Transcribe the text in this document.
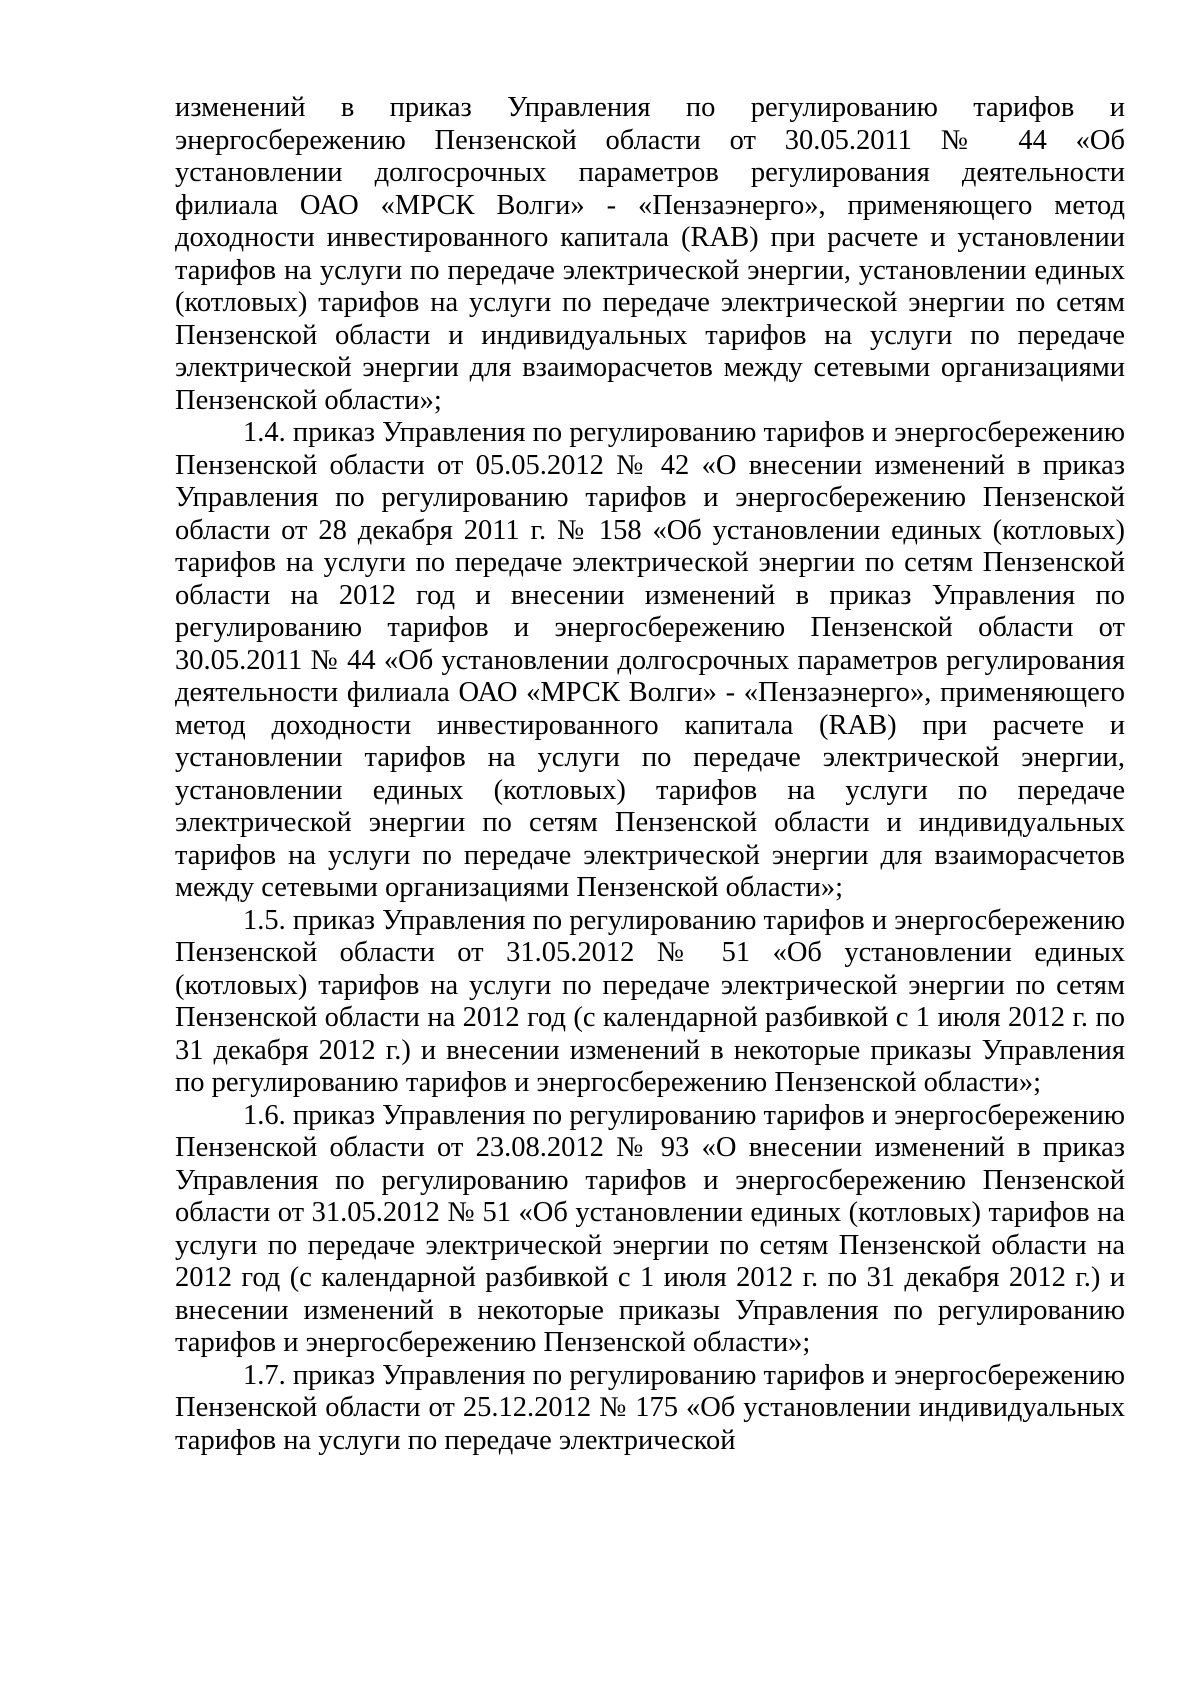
изменений в приказ Управления по регулированию тарифов и энергосбережению Пензенской области от 30.05.2011 № 44 «Об установлении долгосрочных параметров регулирования деятельности филиала ОАО «МРСК Волги» - «Пензаэнерго», применяющего метод доходности инвестированного капитала (RAB) при расчете и установлении тарифов на услуги по передаче электрической энергии, установлении единых (котловых) тарифов на услуги по передаче электрической энергии по сетям Пензенской области и индивидуальных тарифов на услуги по передаче электрической энергии для взаиморасчетов между сетевыми организациями Пензенской области»;

1.4. приказ Управления по регулированию тарифов и энергосбережению Пензенской области от 05.05.2012 № 42 «О внесении изменений в приказ Управления по регулированию тарифов и энергосбережению Пензенской области от 28 декабря 2011 г. № 158 «Об установлении единых (котловых) тарифов на услуги по передаче электрической энергии по сетям Пензенской области на 2012 год и внесении изменений в приказ Управления по регулированию тарифов и энергосбережению Пензенской области от 30.05.2011 № 44 «Об установлении долгосрочных параметров регулирования деятельности филиала ОАО «МРСК Волги» - «Пензаэнерго», применяющего метод доходности инвестированного капитала (RAB) при расчете и установлении тарифов на услуги по передаче электрической энергии, установлении единых (котловых) тарифов на услуги по передаче электрической энергии по сетям Пензенской области и индивидуальных тарифов на услуги по передаче электрической энергии для взаиморасчетов между сетевыми организациями Пензенской области»;

1.5. приказ Управления по регулированию тарифов и энергосбережению Пензенской области от 31.05.2012 № 51 «Об установлении единых (котловых) тарифов на услуги по передаче электрической энергии по сетям Пензенской области на 2012 год (с календарной разбивкой с 1 июля 2012 г. по 31 декабря 2012 г.) и внесении изменений в некоторые приказы Управления по регулированию тарифов и энергосбережению Пензенской области»;

1.6. приказ Управления по регулированию тарифов и энергосбережению Пензенской области от 23.08.2012 № 93 «О внесении изменений в приказ Управления по регулированию тарифов и энергосбережению Пензенской области от 31.05.2012 № 51 «Об установлении единых (котловых) тарифов на услуги по передаче электрической энергии по сетям Пензенской области на 2012 год (с календарной разбивкой с 1 июля 2012 г. по 31 декабря 2012 г.) и внесении изменений в некоторые приказы Управления по регулированию тарифов и энергосбережению Пензенской области»;

1.7. приказ Управления по регулированию тарифов и энергосбережению Пензенской области от 25.12.2012 № 175 «Об установлении индивидуальных тарифов на услуги по передаче электрической
